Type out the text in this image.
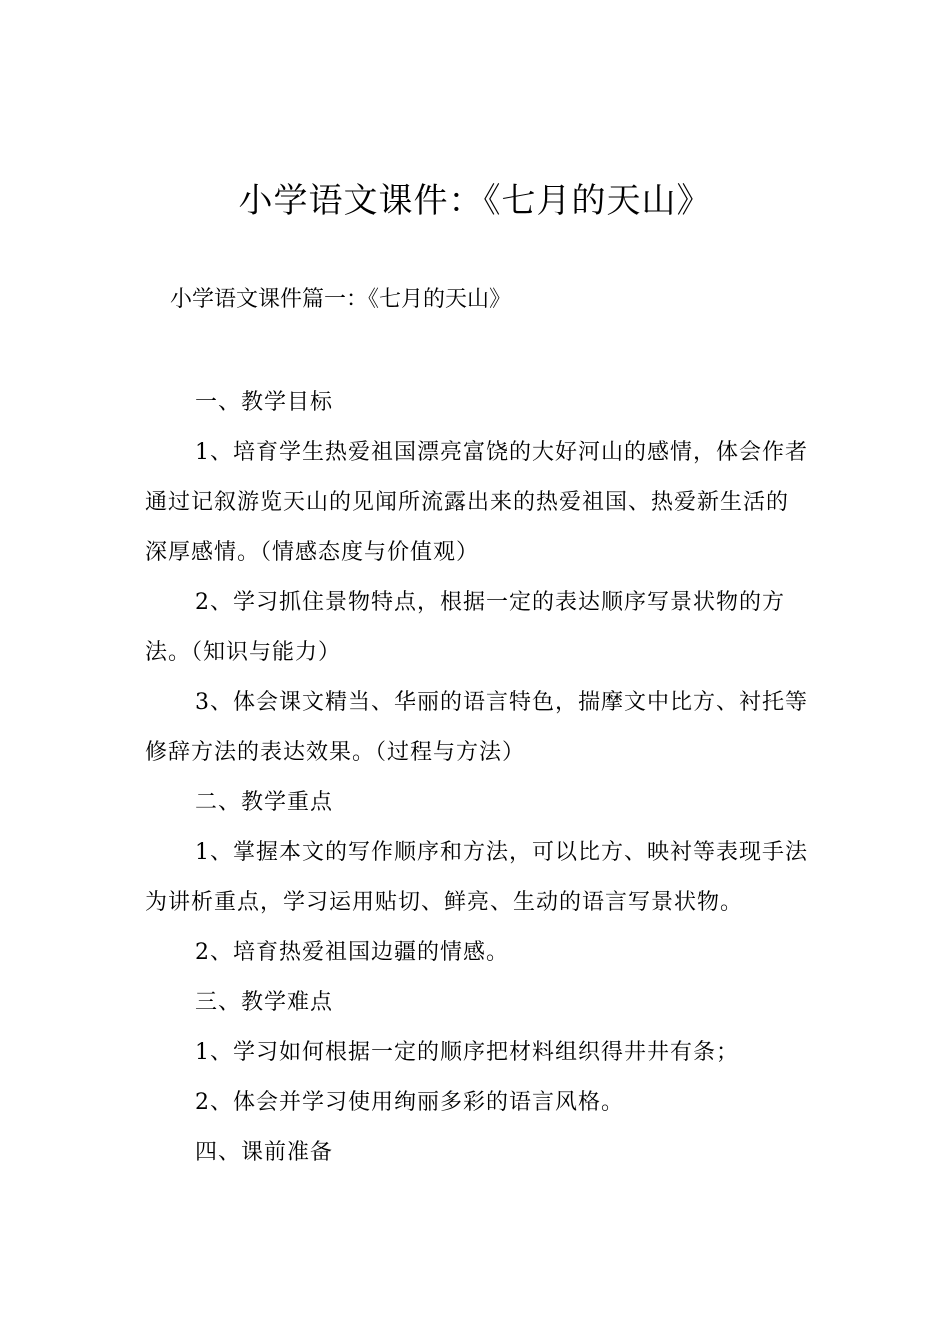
小学语文课件：《七月的天山》
小学语文课件篇一：《七月的天山》

一、教学目标

1、培育学生热爱祖国漂亮富饶的大好河山的感情，体会作者通过记叙游览天山的见闻所流露出来的热爱祖国、热爱新生活的深厚感情。（情感态度与价值观）

2、学习抓住景物特点，根据一定的表达顺序写景状物的方法。（知识与能力）

3、体会课文精当、华丽的语言特色，揣摩文中比方、衬托等修辞方法的表达效果。（过程与方法）

二、教学重点

1、掌握本文的写作顺序和方法，可以比方、映衬等表现手法为讲析重点，学习运用贴切、鲜亮、生动的语言写景状物。

2、培育热爱祖国边疆的情感。

三、教学难点

1、学习如何根据一定的顺序把材料组织得井井有条；

2、体会并学习使用绚丽多彩的语言风格。

四、课前准备
